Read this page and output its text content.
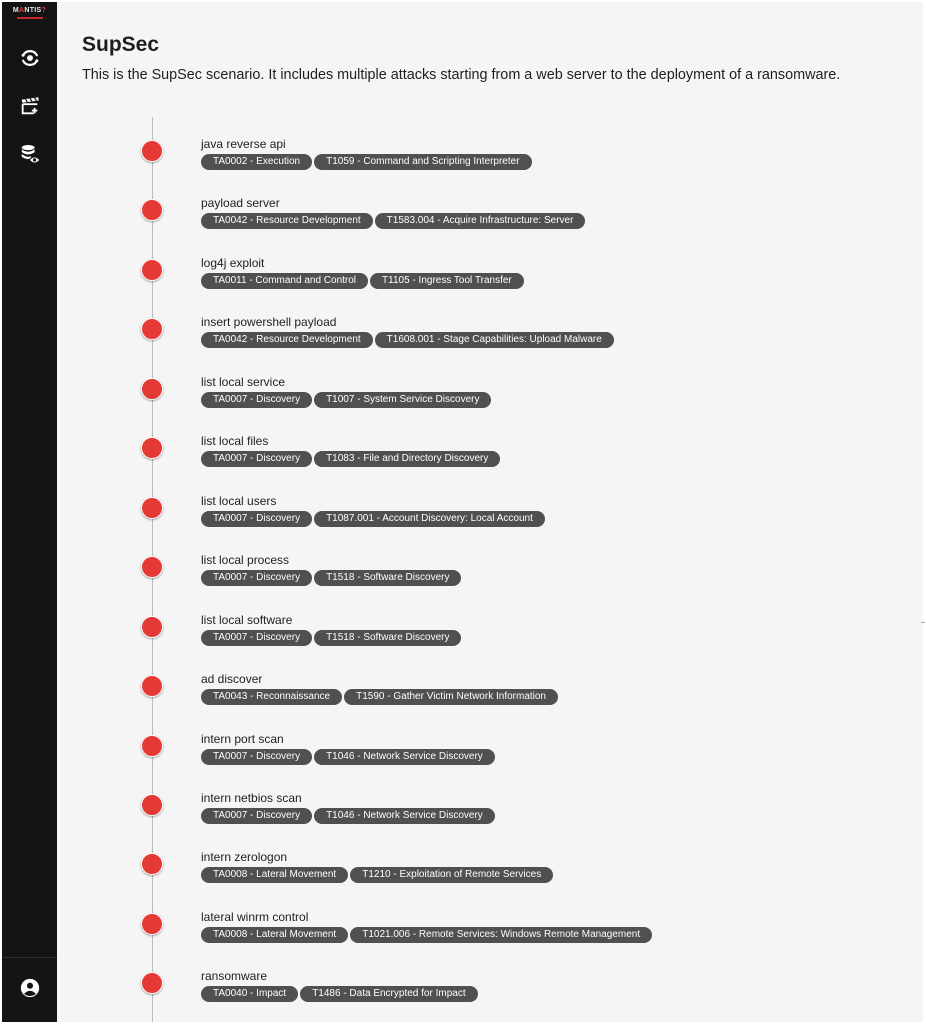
MANTIS?
SupSec

This is the SupSec scenario. It includes multiple attacks starting from a web server to the deployment of a ransomware.

java reverse api
TA0002 - Execution	T1059 - Command and Scripting Interpreter
payload server
TA0042 - Resource Development	T1583.004 - Acquire Infrastructure: Server
log4j exploit
TA0011 - Command and Control	T1105 - Ingress Tool Transfer
insert powershell payload
TA0042 - Resource Development	T1608.001 - Stage Capabilities: Upload Malware
list local service
TA0007 - Discovery	T1007 - System Service Discovery
list local files
TA0007 - Discovery	T1083 - File and Directory Discovery
list local users
TA0007 - Discovery	T1087.001 - Account Discovery: Local Account
list local process
TA0007 - Discovery	T1518 - Software Discovery
list local software
TA0007 - Discovery	T1518 - Software Discovery
ad discover
TA0043 - Reconnaissance	T1590 - Gather Victim Network Information
intern port scan
TA0007 - Discovery	T1046 - Network Service Discovery
intern netbios scan
TA0007 - Discovery	T1046 - Network Service Discovery
intern zerologon
TA0008 - Lateral Movement	T1210 - Exploitation of Remote Services
lateral winrm control
TA0008 - Lateral Movement	T1021.006 - Remote Services: Windows Remote Management
ransomware
TA0040 - Impact	T1486 - Data Encrypted for Impact
